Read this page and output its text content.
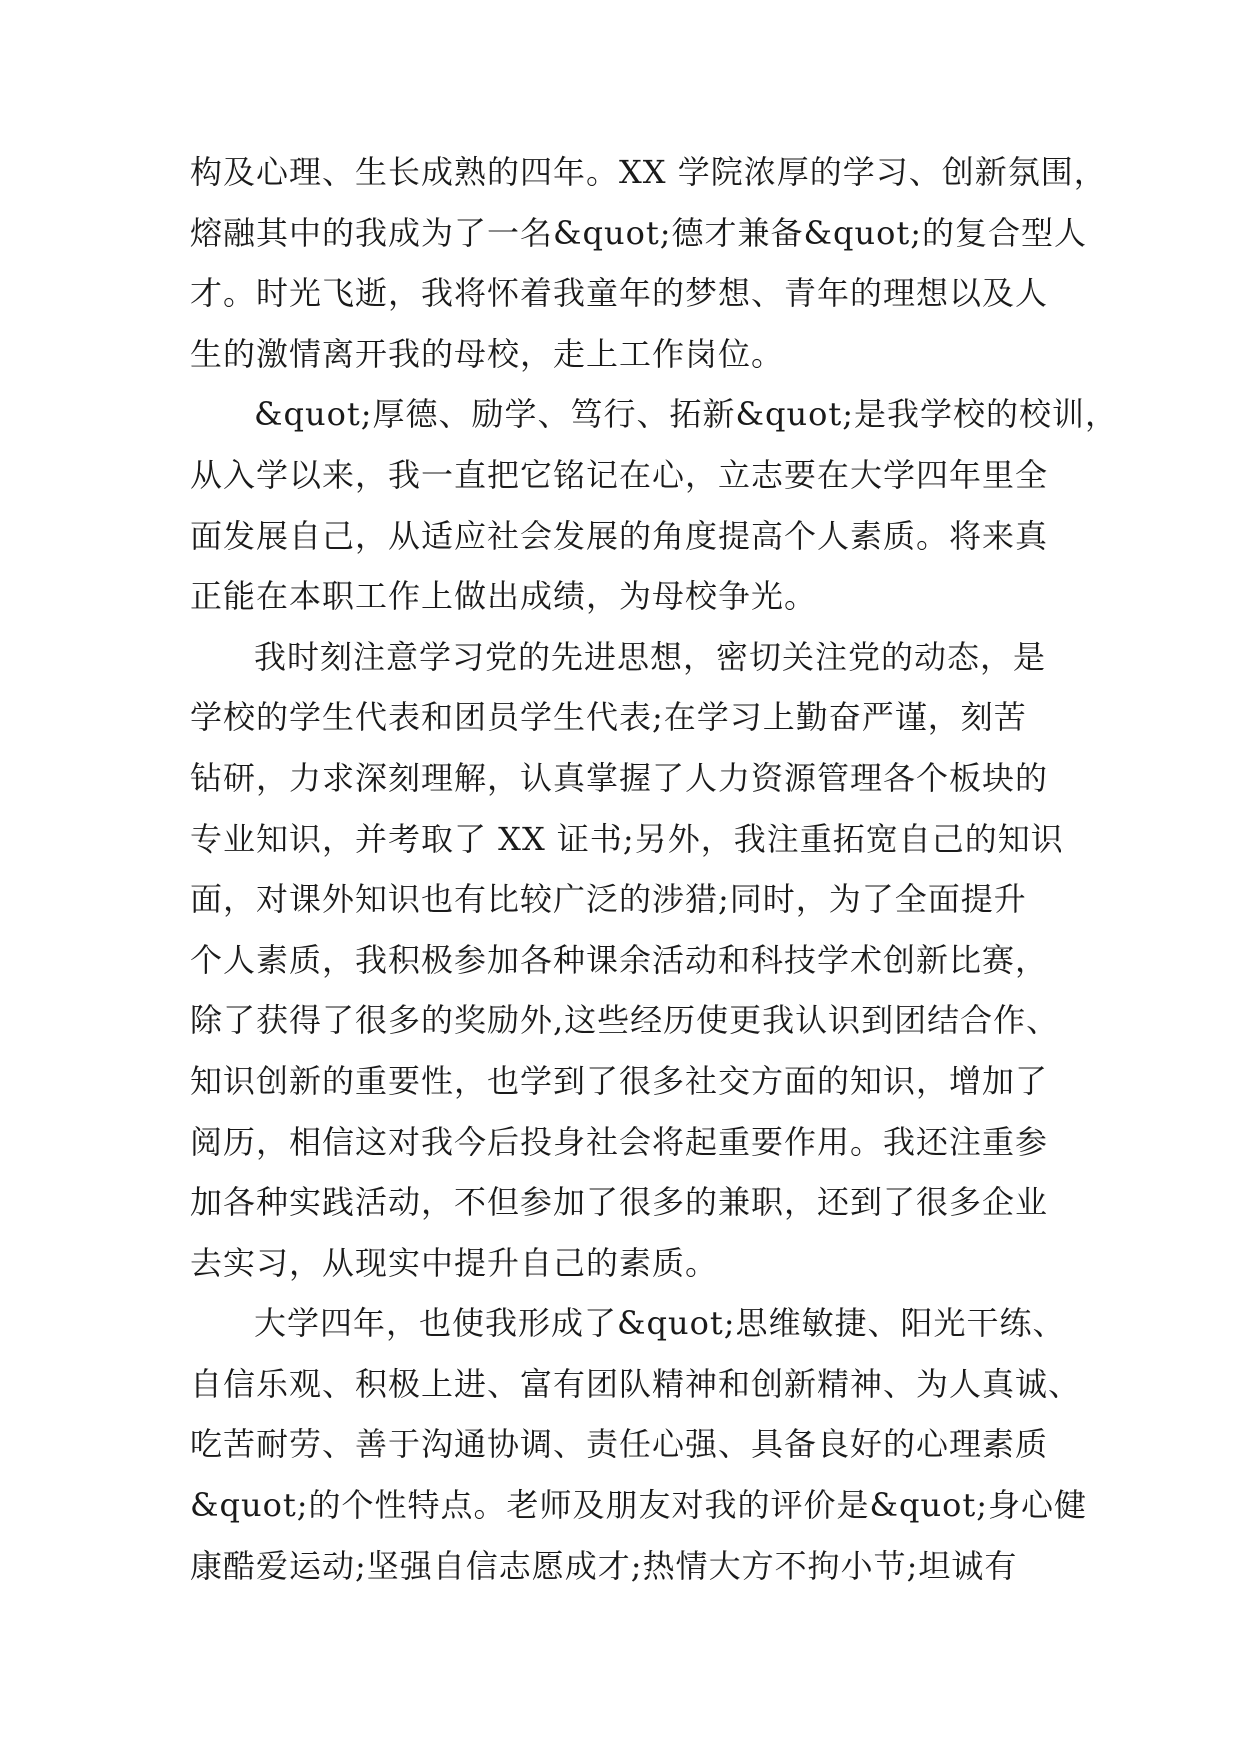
构及心理、生长成熟的四年。XX 学院浓厚的学习、创新氛围，
熔融其中的我成为了一名&quot;德才兼备&quot;的复合型人
才。时光飞逝，我将怀着我童年的梦想、青年的理想以及人
生的激情离开我的母校，走上工作岗位。
&quot;厚德、励学、笃行、拓新&quot;是我学校的校训，
从入学以来，我一直把它铭记在心，立志要在大学四年里全
面发展自己，从适应社会发展的角度提高个人素质。将来真
正能在本职工作上做出成绩，为母校争光。
我时刻注意学习党的先进思想，密切关注党的动态，是
学校的学生代表和团员学生代表;在学习上勤奋严谨，刻苦
钻研，力求深刻理解，认真掌握了人力资源管理各个板块的
专业知识，并考取了 XX 证书;另外，我注重拓宽自己的知识
面，对课外知识也有比较广泛的涉猎;同时，为了全面提升
个人素质，我积极参加各种课余活动和科技学术创新比赛，
除了获得了很多的奖励外,这些经历使更我认识到团结合作、
知识创新的重要性，也学到了很多社交方面的知识，增加了
阅历，相信这对我今后投身社会将起重要作用。我还注重参
加各种实践活动，不但参加了很多的兼职，还到了很多企业
去实习，从现实中提升自己的素质。
大学四年，也使我形成了&quot;思维敏捷、阳光干练、
自信乐观、积极上进、富有团队精神和创新精神、为人真诚、
吃苦耐劳、善于沟通协调、责任心强、具备良好的心理素质
&quot;的个性特点。老师及朋友对我的评价是&quot;身心健
康酷爱运动;坚强自信志愿成才;热情大方不拘小节;坦诚有
